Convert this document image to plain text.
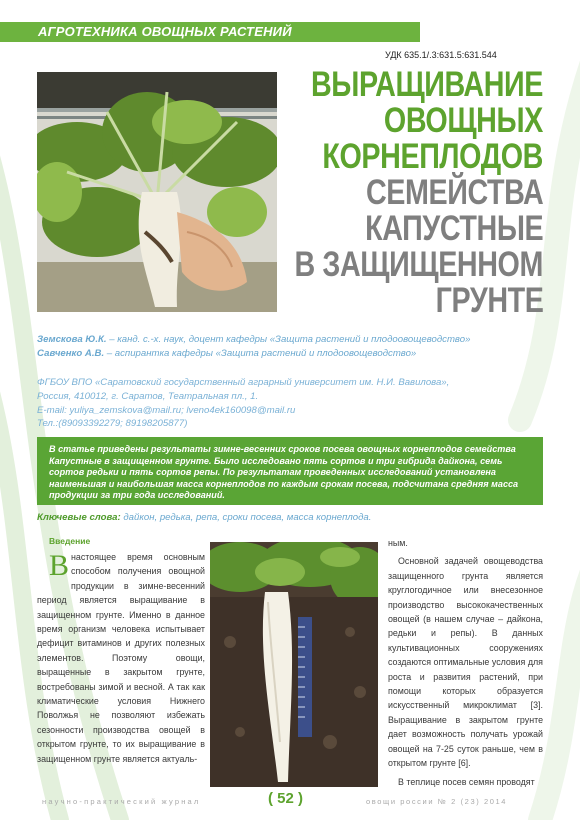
АГРОТЕХНИКА ОВОЩНЫХ РАСТЕНИЙ
УДК 635.1/.3:631.5:631.544
ВЫРАЩИВАНИЕ
ОВОЩНЫХ
КОРНЕПЛОДОВ
СЕМЕЙСТВА
КАПУСТНЫЕ
В ЗАЩИЩЕННОМ
ГРУНТЕ
Земскова Ю.К. – канд. с.-х. наук, доцент кафедры «Защита растений и плодоовощеводство»
Савченко А.В. – аспирантка кафедры «Защита растений и плодоовощеводство»
ФГБОУ ВПО «Саратовский государственный аграрный университет им. Н.И. Вавилова»,
Россия, 410012, г. Саратов, Театральная пл., 1.
E-mail: yuliya_zemskova@mail.ru; lveno4ek160098@mail.ru
Тел.:(89093392279; 89198205877)

В статье приведены результаты зимне-весенних сроков посева овощных корнеплодов семейства Капустные в защищенном грунте. Было исследовано пять сортов и три гибрида дайкона, семь сортов редьки и пять сортов репы. По результатам проведенных исследований установлена наименьшая и наибольшая масса корнеплодов по каждым срокам посева, подсчитана средняя масса продукции за три года исследований.

Ключевые слова: дайкон, редька, репа, сроки посева, масса корнеплода.
Введение
Внастоящее время основным способом получения овощной продукции в зимне-весенний период является выращивание в защищенном грунте. Именно в данное время организм человека испытывает дефицит витаминов и других полезных элементов. Поэтому овощи, выращенные в закрытом грунте, востребованы зимой и весной. А так как климатические условия Нижнего Поволжья не позволяют избежать сезонности производства овощей в открытом грунте, то их выращивание в защищенном грунте является актуаль-
ным.
Основной задачей овощеводства защищенного грунта является круглогодичное или внесезонное производство высококачественных овощей (в нашем случае – дайкона, редьки и репы). В данных культивационных сооружениях создаются оптимальные условия для роста и развития растений, при помощи которых образуется искусственный микроклимат [3]. Выращивание в закрытом грунте дает возможность получать урожай овощей на 7-25 суток раньше, чем в открытом грунте [6].
В теплице посев семян проводят
научно-практический журнал	( 52 )	овощи россии № 2 (23) 2014
